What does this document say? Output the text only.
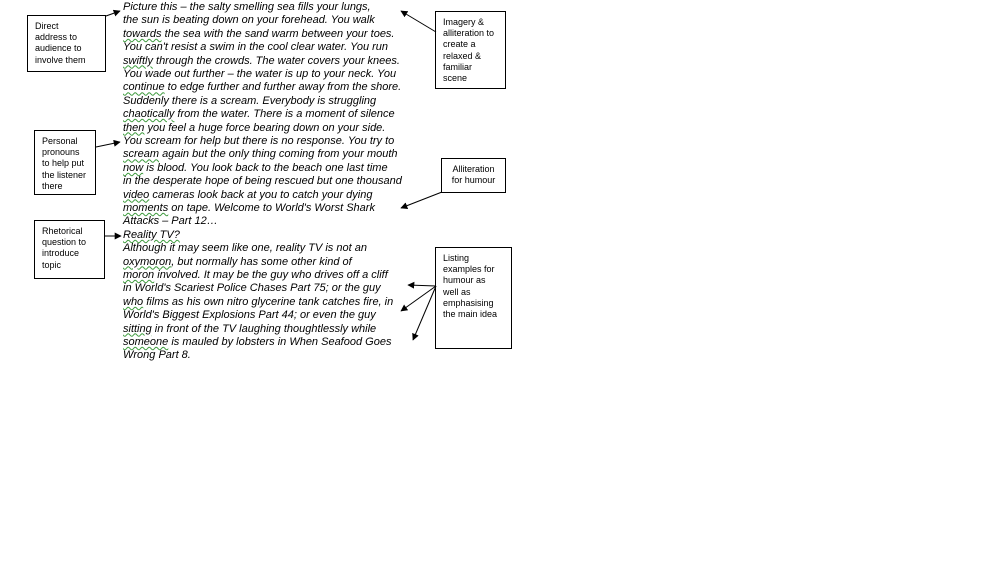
Picture this – the salty smelling sea fills your lungs,
the sun is beating down on your forehead. You walk
towards the sea with the sand warm between your toes.
You can't resist a swim in the cool clear water. You run
swiftly through the crowds. The water covers your knees.
You wade out further – the water is up to your neck. You
continue to edge further and further away from the shore.
Suddenly there is a scream. Everybody is struggling
chaotically from the water. There is a moment of silence
then you feel a huge force bearing down on your side.
You scream for help but there is no response. You try to
scream again but the only thing coming from your mouth
now is blood. You look back to the beach one last time
in the desperate hope of being rescued but one thousand
video cameras look back at you to catch your dying
moments on tape. Welcome to World's Worst Shark
Attacks – Part 12…
Reality TV?
Although it may seem like one, reality TV is not an
oxymoron, but normally has some other kind of
moron involved. It may be the guy who drives off a cliff
in World's Scariest Police Chases Part 75; or the guy
who films as his own nitro glycerine tank catches fire, in
World's Biggest Explosions Part 44; or even the guy
sitting in front of the TV laughing thoughtlessly while
someone is mauled by lobsters in When Seafood Goes
Wrong Part 8.
Direct
address to
audience to
involve them
Imagery &
alliteration to
create a
relaxed &
familiar
scene
Personal
pronouns
to help put
the listener
there
Alliteration
for humour
Rhetorical
question to
introduce
topic
Listing
examples for
humour as
well as
emphasising
the main idea
